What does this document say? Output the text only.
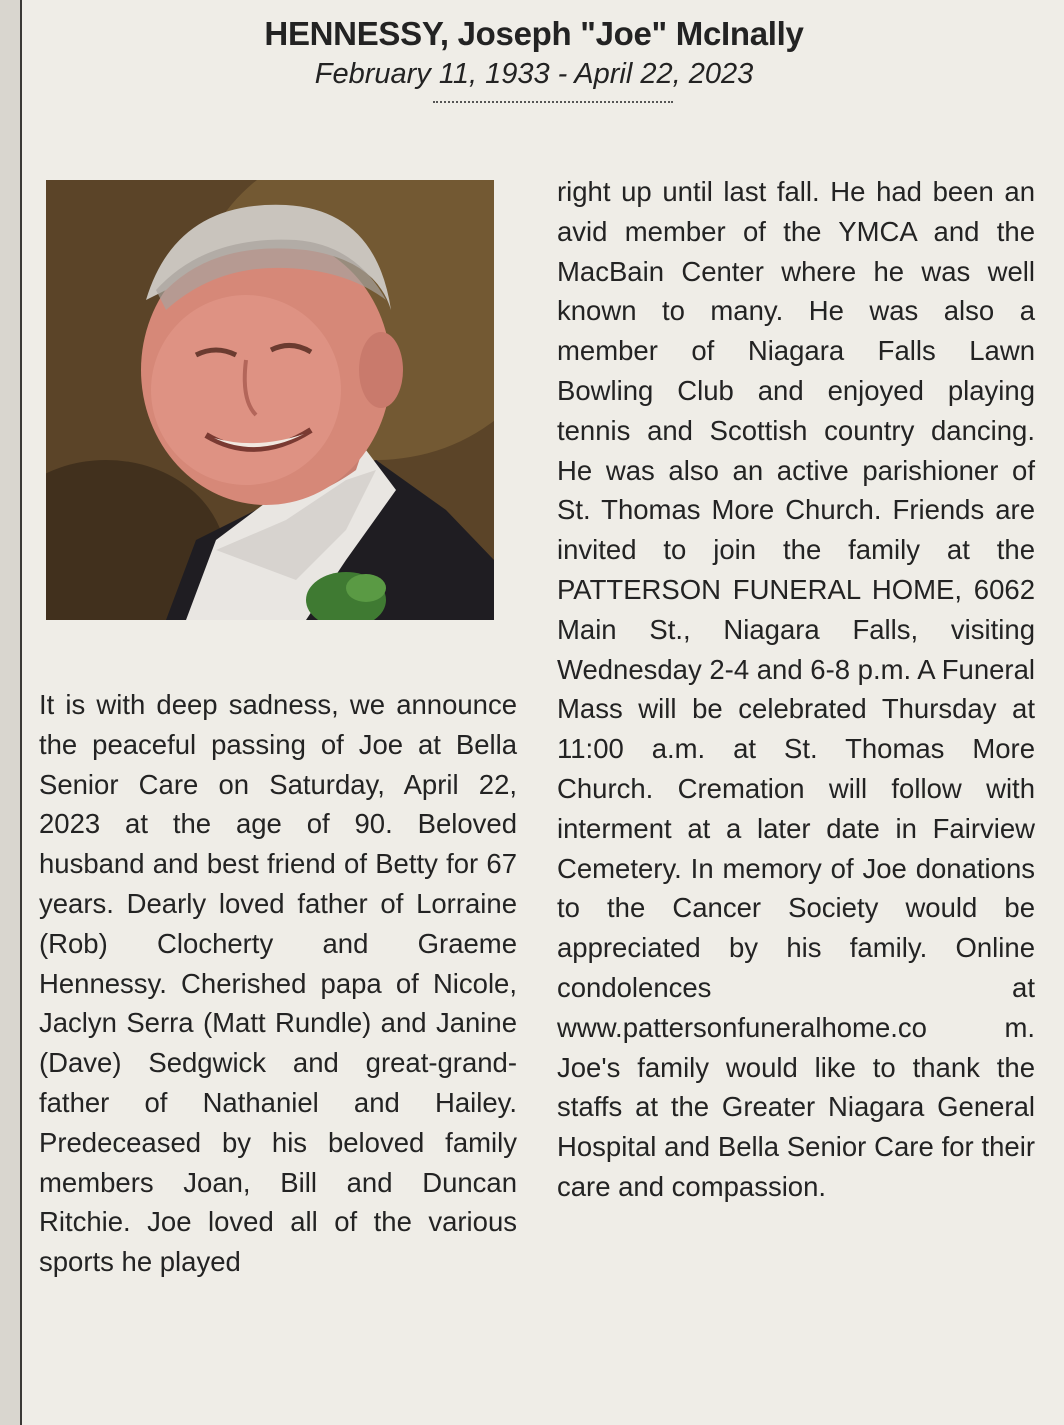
HENNESSY, Joseph "Joe" McInally
February 11, 1933 - April 22, 2023

It is with deep sadness, we announce the peaceful passing of Joe at Bella Senior Care on Saturday, April 22, 2023 at the age of 90. Beloved husband and best friend of Betty for 67 years. Dearly loved father of Lorraine (Rob) Clocherty and Graeme Hennessy. Cherished papa of Nicole, Jaclyn Serra (Matt Rundle) and Janine (Dave) Sedgwick and great-grandfather of Nathaniel and Hailey. Predeceased by his beloved family members Joan, Bill and Duncan Ritchie. Joe loved all of the various sports he played

right up until last fall. He had been an avid member of the YMCA and the MacBain Center where he was well known to many. He was also a member of Niagara Falls Lawn Bowling Club and enjoyed playing tennis and Scottish country dancing. He was also an active parishioner of St. Thomas More Church. Friends are invited to join the family at the PATTERSON FUNERAL HOME, 6062 Main St., Niagara Falls, visiting Wednesday 2-4 and 6-8 p.m. A Funeral Mass will be celebrated Thursday at 11:00 a.m. at St. Thomas More Church. Cremation will follow with interment at a later date in Fairview Cemetery. In memory of Joe donations to the Cancer Society would be appreciated by his family. Online condolences at www.pattersonfuneralhome.co m. Joe's family would like to thank the staffs at the Greater Niagara General Hospital and Bella Senior Care for their care and compassion.
